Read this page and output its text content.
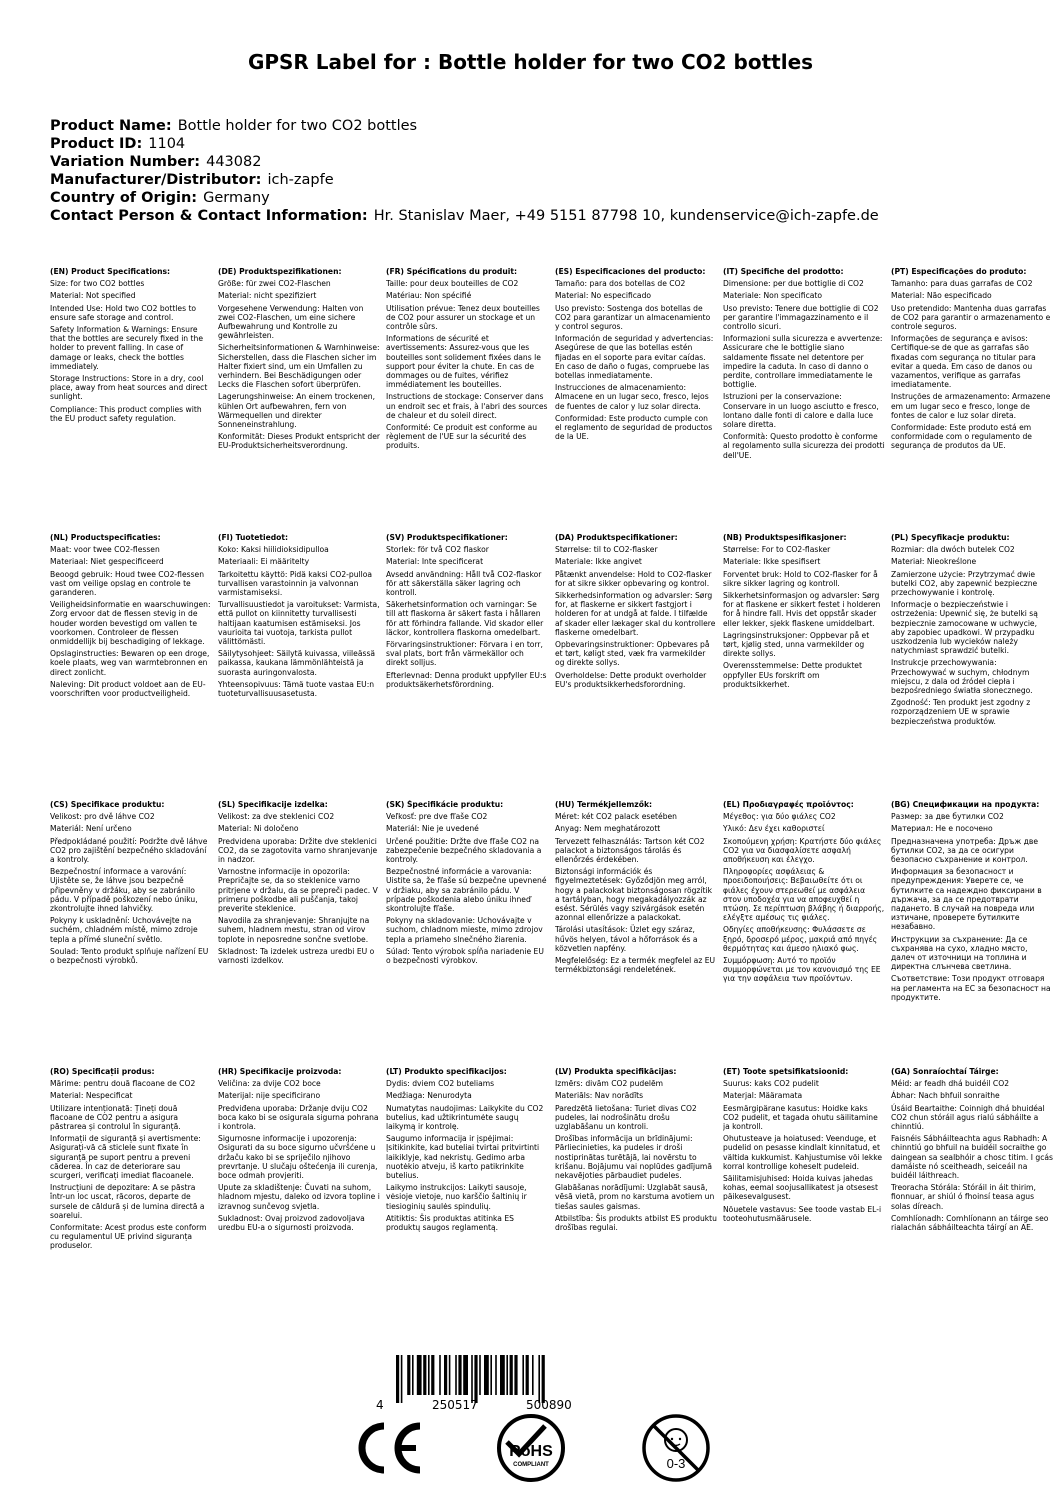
GPSR Label for : Bottle holder for two CO2 bottles
Product Name: Bottle holder for two CO2 bottles
Product ID: 1104
Variation Number: 443082
Manufacturer/Distributor: ich-zapfe
Country of Origin: Germany
Contact Person & Contact Information: Hr. Stanislav Maer, +49 5151 87798 10, kundenservice@ich-zapfe.de
(EN) Product Specifications:
Size: for two CO2 bottles
Material: Not specified
Intended Use: Hold two CO2 bottles to ensure safe storage and control.
Safety Information & Warnings: Ensure that the bottles are securely fixed in the holder to prevent falling. In case of damage or leaks, check the bottles immediately.
Storage Instructions: Store in a dry, cool place, away from heat sources and direct sunlight.
Compliance: This product complies with the EU product safety regulation.
(DE) Produktspezifikationen:
Größe: für zwei CO2-Flaschen
Material: nicht spezifiziert
Vorgesehene Verwendung: Halten von zwei CO2-Flaschen, um eine sichere Aufbewahrung und Kontrolle zu gewährleisten.
Sicherheitsinformationen & Warnhinweise: Sicherstellen, dass die Flaschen sicher im Halter fixiert sind, um ein Umfallen zu verhindern. Bei Beschädigungen oder Lecks die Flaschen sofort überprüfen.
Lagerungshinweise: An einem trockenen, kühlen Ort aufbewahren, fern von Wärmequellen und direkter Sonneneinstrahlung.
Konformität: Dieses Produkt entspricht der EU-Produktsicherheitsverordnung.
(FR) Spécifications du produit:
Taille: pour deux bouteilles de CO2
Matériau: Non spécifié
Utilisation prévue: Tenez deux bouteilles de CO2 pour assurer un stockage et un contrôle sûrs.
Informations de sécurité et avertissements: Assurez-vous que les bouteilles sont solidement fixées dans le support pour éviter la chute. En cas de dommages ou de fuites, vérifiez immédiatement les bouteilles.
Instructions de stockage: Conserver dans un endroit sec et frais, à l'abri des sources de chaleur et du soleil direct.
Conformité: Ce produit est conforme au règlement de l'UE sur la sécurité des produits.
(ES) Especificaciones del producto:
Tamaño: para dos botellas de CO2
Material: No especificado
Uso previsto: Sostenga dos botellas de CO2 para garantizar un almacenamiento y control seguros.
Información de seguridad y advertencias: Asegúrese de que las botellas estén fijadas en el soporte para evitar caídas. En caso de daño o fugas, compruebe las botellas inmediatamente.
Instrucciones de almacenamiento: Almacene en un lugar seco, fresco, lejos de fuentes de calor y luz solar directa.
Conformidad: Este producto cumple con el reglamento de seguridad de productos de la UE.
(IT) Specifiche del prodotto:
Dimensione: per due bottiglie di CO2
Materiale: Non specificato
Uso previsto: Tenere due bottiglie di CO2 per garantire l'immagazzinamento e il controllo sicuri.
Informazioni sulla sicurezza e avvertenze: Assicurare che le bottiglie siano saldamente fissate nel detentore per impedire la caduta. In caso di danno o perdite, controllare immediatamente le bottiglie.
Istruzioni per la conservazione: Conservare in un luogo asciutto e fresco, lontano dalle fonti di calore e dalla luce solare diretta.
Conformità: Questo prodotto è conforme al regolamento sulla sicurezza dei prodotti dell'UE.
(PT) Especificações do produto:
Tamanho: para duas garrafas de CO2
Material: Não especificado
Uso pretendido: Mantenha duas garrafas de CO2 para garantir o armazenamento e controle seguros.
Informações de segurança e avisos: Certifique-se de que as garrafas são fixadas com segurança no titular para evitar a queda. Em caso de danos ou vazamentos, verifique as garrafas imediatamente.
Instruções de armazenamento: Armazene em um lugar seco e fresco, longe de fontes de calor e luz solar direta.
Conformidade: Este produto está em conformidade com o regulamento de segurança de produtos da UE.
(NL) Productspecificaties:
Maat: voor twee CO2-flessen
Materiaal: Niet gespecificeerd
Beoogd gebruik: Houd twee CO2-flessen vast om veilige opslag en controle te garanderen.
Veiligheidsinformatie en waarschuwingen: Zorg ervoor dat de flessen stevig in de houder worden bevestigd om vallen te voorkomen. Controleer de flessen onmiddellijk bij beschadiging of lekkage.
Opslaginstructies: Bewaren op een droge, koele plaats, weg van warmtebronnen en direct zonlicht.
Naleving: Dit product voldoet aan de EU-voorschriften voor productveiligheid.
(FI) Tuotetiedot:
Koko: Kaksi hiilidioksidipulloa
Materiaali: Ei määritelty
Tarkoitettu käyttö: Pidä kaksi CO2-pulloa turvallisen varastoinnin ja valvonnan varmistamiseksi.
Turvallisuustiedot ja varoitukset: Varmista, että pullot on kiinnitetty turvallisesti haltijaan kaatumisen estämiseksi. Jos vaurioita tai vuotoja, tarkista pullot välittömästi.
Säilytysohjeet: Säilytä kuivassa, viileässä paikassa, kaukana lämmönlähteistä ja suorasta auringonvalosta.
Yhteensopivuus: Tämä tuote vastaa EU:n tuoteturvallisuusasetusta.
(SV) Produktspecifikationer:
Storlek: för två CO2 flaskor
Material: Inte specificerat
Avsedd användning: Håll två CO2-flaskor för att säkerställa säker lagring och kontroll.
Säkerhetsinformation och varningar: Se till att flaskorna är säkert fasta i hållaren för att förhindra fallande. Vid skador eller läckor, kontrollera flaskorna omedelbart.
Förvaringsinstruktioner: Förvara i en torr, sval plats, bort från värmekällor och direkt solljus.
Efterlevnad: Denna produkt uppfyller EU:s produktsäkerhetsförordning.
(DA) Produktspecifikationer:
Størrelse: til to CO2-flasker
Materiale: Ikke angivet
Påtænkt anvendelse: Hold to CO2-flasker for at sikre sikker opbevaring og kontrol.
Sikkerhedsinformation og advarsler: Sørg for, at flaskerne er sikkert fastgjort i holderen for at undgå at falde. I tilfælde af skader eller lækager skal du kontrollere flaskerne omedelbart.
Opbevaringsinstruktioner: Opbevares på et tørt, køligt sted, væk fra varmekilder og direkte sollys.
Overholdelse: Dette produkt overholder EU's produktsikkerhedsforordning.
(NB) Produktspesifikasjoner:
Størrelse: For to CO2-flasker
Materiale: Ikke spesifisert
Forventet bruk: Hold to CO2-flasker for å sikre sikker lagring og kontroll.
Sikkerhetsinformasjon og advarsler: Sørg for at flaskene er sikkert festet i holderen for å hindre fall. Hvis det oppstår skader eller lekker, sjekk flaskene umiddelbart.
Lagringsinstruksjoner: Oppbevar på et tørt, kjølig sted, unna varmekilder og direkte sollys.
Overensstemmelse: Dette produktet oppfyller EUs forskrift om produktsikkerhet.
(PL) Specyfikacje produktu:
Rozmiar: dla dwóch butelek CO2
Materiał: Nieokreślone
Zamierzone użycie: Przytrzymać dwie butelki CO2, aby zapewnić bezpieczne przechowywanie i kontrolę.
Informacje o bezpieczeństwie i ostrzeżenia: Upewnić się, że butelki są bezpiecznie zamocowane w uchwycie, aby zapobiec upadkowi. W przypadku uszkodzenia lub wycieków należy natychmiast sprawdzić butelki.
Instrukcje przechowywania: Przechowywać w suchym, chłodnym miejscu, z dala od źródeł ciepła i bezpośredniego światła słonecznego.
Zgodność: Ten produkt jest zgodny z rozporządzeniem UE w sprawie bezpieczeństwa produktów.
(CS) Specifikace produktu:
Velikost: pro dvě láhve CO2
Materiál: Není určeno
Předpokládané použití: Podržte dvě láhve CO2 pro zajištění bezpečného skladování a kontroly.
Bezpečnostní informace a varování: Ujistěte se, že láhve jsou bezpečně připevněny v držáku, aby se zabránilo pádu. V případě poškození nebo úniku, zkontrolujte ihned lahvičky.
Pokyny k uskladnění: Uchovávejte na suchém, chladném místě, mimo zdroje tepla a přímé sluneční světlo.
Soulad: Tento produkt splňuje nařízení EU o bezpečnosti výrobků.
(SL) Specifikacije izdelka:
Velikost: za dve steklenici CO2
Material: Ni določeno
Predvidena uporaba: Držite dve steklenici CO2, da se zagotovita varno shranjevanje in nadzor.
Varnostne informacije in opozorila: Prepričajte se, da so steklenice varno pritrjene v držalu, da se prepreči padec. V primeru poškodbe ali puščanja, takoj preverite steklenice.
Navodila za shranjevanje: Shranjujte na suhem, hladnem mestu, stran od virov toplote in neposredne sončne svetlobe.
Skladnost: Ta izdelek ustreza uredbi EU o varnosti izdelkov.
(SK) Špecifikácie produktu:
Veľkosť: pre dve fľaše CO2
Materiál: Nie je uvedené
Určené použitie: Držte dve fľaše CO2 na zabezpečenie bezpečného skladovania a kontroly.
Bezpečnostné informácie a varovania: Uistite sa, že fľaše sú bezpečne upevnené v držiaku, aby sa zabránilo pádu. V prípade poškodenia alebo úniku ihneď skontrolujte fľaše.
Pokyny na skladovanie: Uchovávajte v suchom, chladnom mieste, mimo zdrojov tepla a priameho slnečného žiarenia.
Súlad: Tento výrobok spĺňa nariadenie EU o bezpečnosti výrobkov.
(HU) Termékjellemzők:
Méret: két CO2 palack esetében
Anyag: Nem meghatározott
Tervezett felhasználás: Tartson két CO2 palackot a biztonságos tárolás és ellenőrzés érdekében.
Biztonsági információk és figyelmeztetések: Győződjön meg arról, hogy a palackokat biztonságosan rögzítik a tartályban, hogy megakadályozzák az esést. Sérülés vagy szivárgások esetén azonnal ellenőrizze a palackokat.
Tárolási utasítások: Üzlet egy száraz, hűvös helyen, távol a hőforrások és a közvetlen napfény.
Megfelelőség: Ez a termék megfelel az EU termékbiztonsági rendeletének.
(EL) Προδιαγραφές προϊόντος:
Μέγεθος: για δύο φιάλες CO2
Υλικό: Δεν έχει καθοριστεί
Σκοπούμενη χρήση: Κρατήστε δύο φιάλες CO2 για να διασφαλίσετε ασφαλή αποθήκευση και έλεγχο.
Πληροφορίες ασφάλειας & προειδοποιήσεις: Βεβαιωθείτε ότι οι φιάλες έχουν στερεωθεί με ασφάλεια στον υποδοχέα για να αποφευχθεί η πτώση. Σε περίπτωση βλάβης ή διαρροής, ελέγξτε αμέσως τις φιάλες.
Οδηγίες αποθήκευσης: Φυλάσσετε σε ξηρό, δροσερό μέρος, μακριά από πηγές θερμότητας και άμεσο ηλιακό φως.
Συμμόρφωση: Αυτό το προϊόν συμμορφώνεται με τον κανονισμό της ΕΕ για την ασφάλεια των προϊόντων.
(BG) Спецификации на продукта:
Размер: за две бутилки CO2
Материал: Не е посочено
Предназначена употреба: Дръж две бутилки CO2, за да се осигури безопасно съхранение и контрол.
Информация за безопасност и предупреждения: Уверете се, че бутилките са надеждно фиксирани в държача, за да се предотврати падането. В случай на повреда или изтичане, проверете бутилките незабавно.
Инструкции за съхранение: Да се съхранява на сухо, хладно място, далеч от източници на топлина и директна слънчева светлина.
Съответствие: Този продукт отговаря на регламента на ЕС за безопасност на продуктите.
(RO) Specificații produs:
Mărime: pentru două flacoane de CO2
Material: Nespecificat
Utilizare intenționată: Țineți două flacoane de CO2 pentru a asigura păstrarea și controlul în siguranță.
Informații de siguranță și avertismente: Asigurați-vă că sticlele sunt fixate în siguranță pe suport pentru a preveni căderea. În caz de deteriorare sau scurgeri, verificați imediat flacoanele.
Instrucțiuni de depozitare: A se păstra într-un loc uscat, răcoros, departe de sursele de căldură și de lumina directă a soarelui.
Conformitate: Acest produs este conform cu regulamentul UE privind siguranța produselor.
(HR) Specifikacije proizvoda:
Veličina: za dvije CO2 boce
Materijal: nije specificirano
Predviđena uporaba: Držanje dviju CO2 boca kako bi se osigurala sigurna pohrana i kontrola.
Sigurnosne informacije i upozorenja: Osigurati da su boce sigurno učvršćene u držaču kako bi se spriječilo njihovo prevrtanje. U slučaju oštećenja ili curenja, boce odmah provjeriti.
Upute za skladištenje: Čuvati na suhom, hladnom mjestu, daleko od izvora topline i izravnog sunčevog svjetla.
Sukladnost: Ovaj proizvod zadovoljava uredbu EU-a o sigurnosti proizvoda.
(LT) Produkto specifikacijos:
Dydis: dviem CO2 buteliams
Medžiaga: Nenurodyta
Numatytas naudojimas: Laikykite du CO2 butelius, kad užtikrintumėte saugų laikymą ir kontrolę.
Saugumo informacija ir įspėjimai: Įsitikinkite, kad buteliai tvirtai pritvirtinti laikiklyje, kad nekristų. Gedimo arba nuotėkio atveju, iš karto patikrinkite butelius.
Laikymo instrukcijos: Laikyti sausoje, vėsioje vietoje, nuo karščio šaltinių ir tiesioginių saulės spindulių.
Atitiktis: Šis produktas atitinka ES produktų saugos reglamentą.
(LV) Produkta specifikācijas:
Izmērs: divām CO2 pudelēm
Materiāls: Nav norādīts
Paredzētā lietošana: Turiet divas CO2 pudeles, lai nodrošinātu drošu uzglabāšanu un kontroli.
Drošības informācija un brīdinājumi: Pārliecinieties, ka pudeles ir droši nostiprinātas turētājā, lai novērstu to krišanu. Bojājumu vai noplūdes gadījumā nekavējoties pārbaudiet pudeles.
Glabāšanas norādījumi: Uzglabāt sausā, vēsā vietā, prom no karstuma avotiem un tiešas saules gaismas.
Atbilstība: Šis produkts atbilst ES produktu drošības regulai.
(ET) Toote spetsifikatsioonid:
Suurus: kaks CO2 pudelit
Materjal: Määramata
Eesmärgipärane kasutus: Hoidke kaks CO2 pudelit, et tagada ohutu säilitamine ja kontroll.
Ohutusteave ja hoiatused: Veenduge, et pudelid on pesasse kindlalt kinnitatud, et vältida kukkumist. Kahjustumise või lekke korral kontrollige koheselt pudeleid.
Säilitamisjuhised: Hoida kuivas jahedas kohas, eemal soojusallikatest ja otsesest päikesevalgusest.
Nõuetele vastavus: See toode vastab EL-i tooteohutusmäärusele.
(GA) Sonraíochtaí Táirge:
Méid: ar feadh dhá buidéil CO2
Ábhar: Nach bhfuil sonraithe
Úsáid Beartaithe: Coinnigh dhá bhuidéal CO2 chun stóráil agus rialú sábháilte a chinntiú.
Faisnéis Sábháilteachta agus Rabhadh: A chinntiú go bhfuil na buidéil socraithe go daingean sa sealbhóir a chosc titim. I gcás damáiste nó sceitheadh, seiceáil na buidéil láithreach.
Treoracha Stórála: Stóráil in áit thirim, fionnuar, ar shiúl ó fhoinsí teasa agus solas díreach.
Comhlíonadh: Comhlíonann an táirge seo rialachán sábháilteachta táirgí an AE.
4	250517	500890
RoHS
COMPLIANT	0-3
